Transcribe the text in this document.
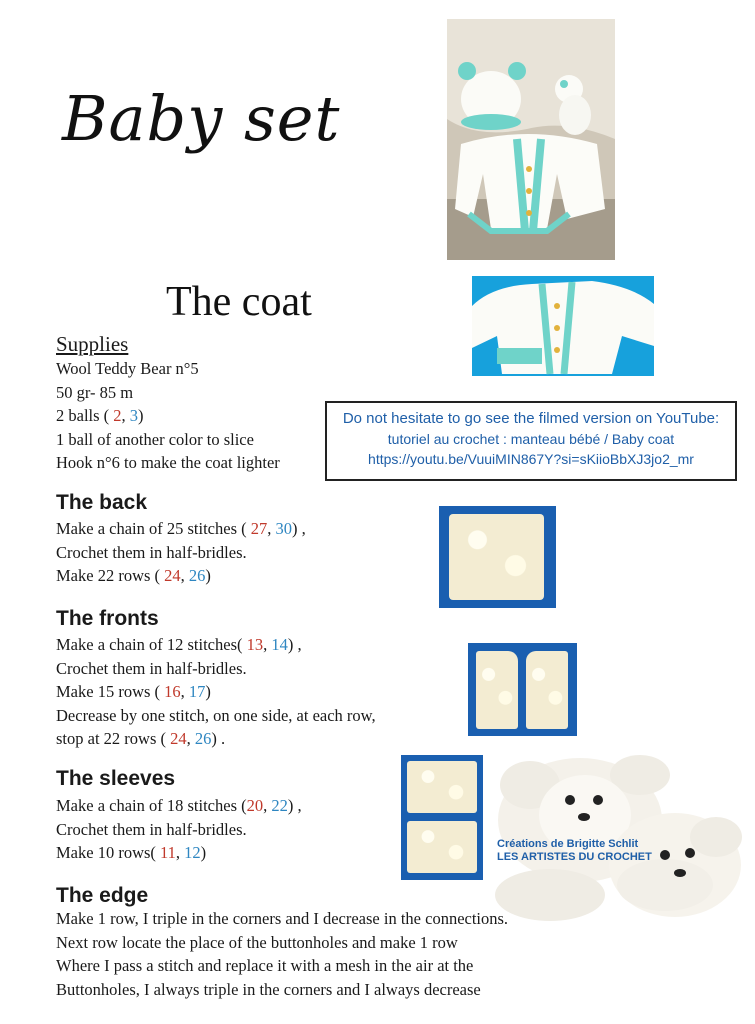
Baby set
The coat
Supplies
Wool Teddy Bear n°5
50 gr- 85 m
2 balls ( 2, 3)
1 ball of another color to slice
Hook n°6 to make the coat lighter
Do not hesitate to go see the filmed version on YouTube:
tutoriel au crochet : manteau bébé / Baby coat
https://youtu.be/VuuiMIN867Y?si=sKiioBbXJ3jo2_mr
The back
Make a chain of 25 stitches ( 27, 30) ,
Crochet them in half-bridles.
Make 22 rows ( 24, 26)
The fronts
Make a chain of 12 stitches( 13, 14) ,
Crochet them in half-bridles.
Make 15 rows ( 16, 17)
Decrease by one stitch, on one side, at each row,
stop at 22 rows ( 24, 26) .
The sleeves
Make a chain of 18 stitches (20, 22) ,
Crochet them in half-bridles.
Make 10 rows( 11, 12)	Créations de Brigitte Schlit
LES ARTISTES DU CROCHET
The edge
Make 1 row, I triple in the corners and I decrease in the connections.
Next row locate the place of the buttonholes and make 1 row
Where I pass a stitch and replace it with a mesh in the air at the
Buttonholes, I always triple in the corners and I always decrease
